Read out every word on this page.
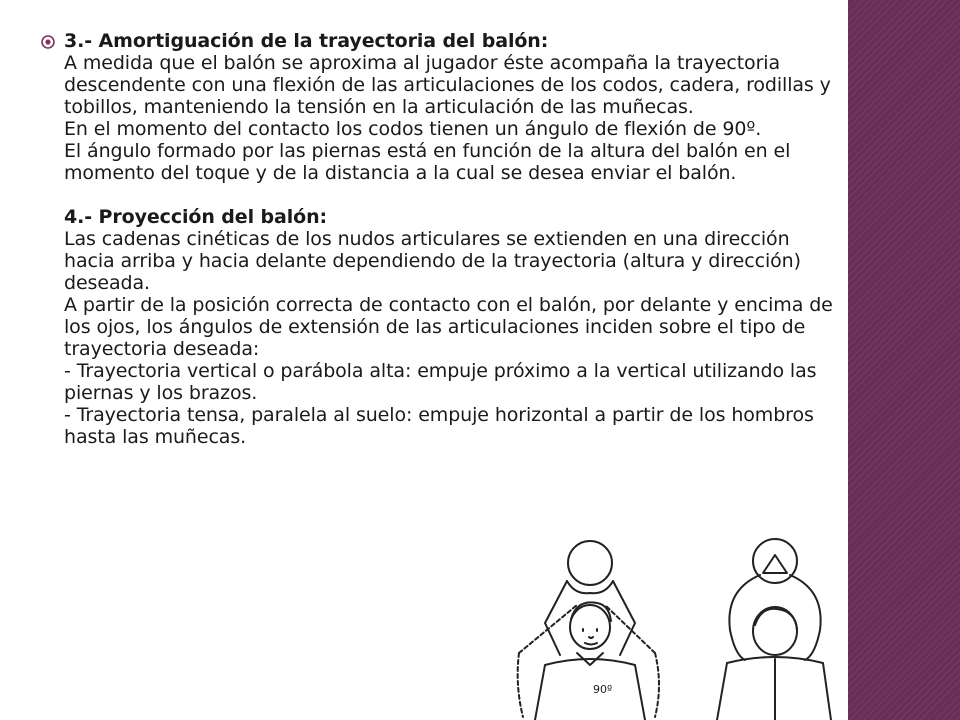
3.- Amortiguación de la trayectoria del balón:

A medida que el balón se aproxima al jugador éste acompaña la trayectoria descendente con una flexión de las articulaciones de los codos, cadera, rodillas y tobillos, manteniendo la tensión en la articulación de las muñecas.

En el momento del contacto los codos tienen un ángulo de flexión de 90º.

El ángulo formado por las piernas está en función de la altura del balón en el momento del toque y de la distancia a la cual se desea enviar el balón.

4.- Proyección del balón:

Las cadenas cinéticas de los nudos articulares se extienden en una dirección hacia arriba y hacia delante dependiendo de la trayectoria (altura y dirección) deseada.

A partir de la posición correcta de contacto con el balón, por delante y encima de los ojos, los ángulos de extensión de las articulaciones inciden sobre el tipo de trayectoria deseada:

- Trayectoria vertical o parábola alta: empuje próximo a la vertical utilizando las piernas y los brazos.

- Trayectoria tensa, paralela al suelo: empuje horizontal a partir de los hombros hasta las muñecas.

90º
